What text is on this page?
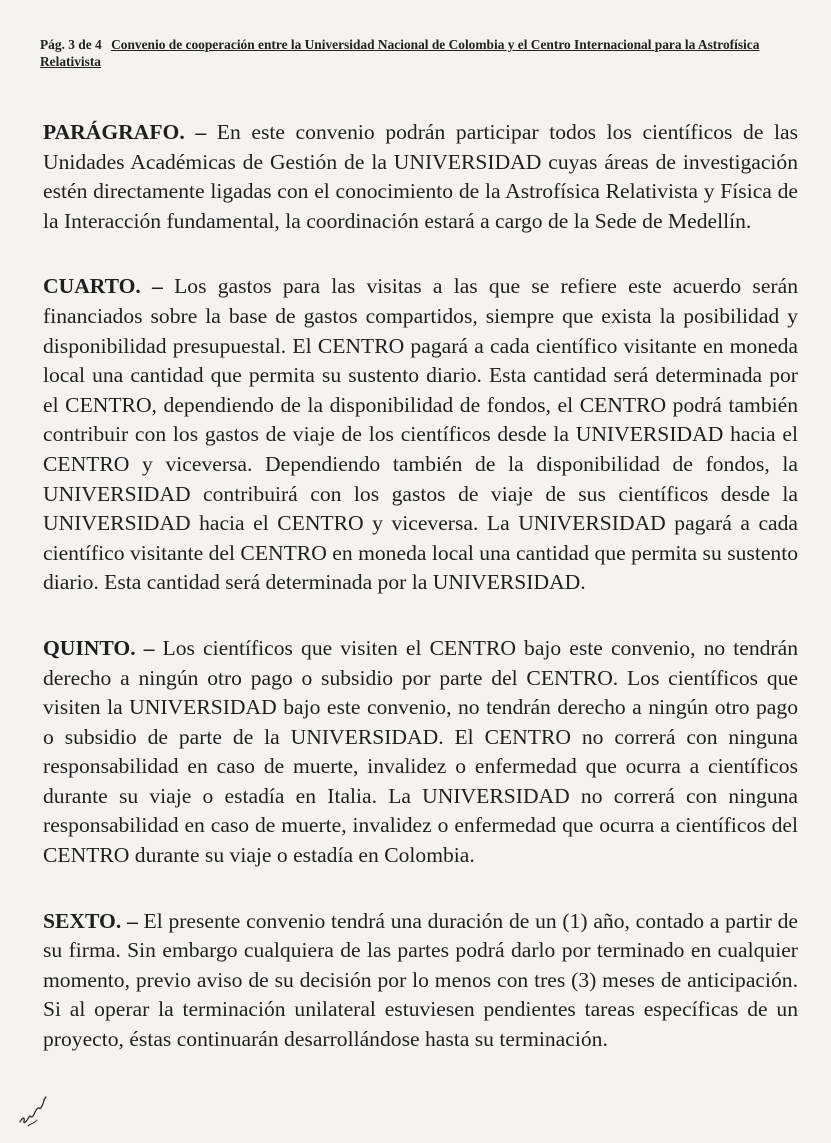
Pág. 3 de 4 Convenio de cooperación entre la Universidad Nacional de Colombia y el Centro Internacional para la Astrofísica Relativista

PARÁGRAFO. – En este convenio podrán participar todos los científicos de las Unidades Académicas de Gestión de la UNIVERSIDAD cuyas áreas de investigación estén directamente ligadas con el conocimiento de la Astrofísica Relativista y Física de la Interacción fundamental, la coordinación estará a cargo de la Sede de Medellín.

CUARTO. – Los gastos para las visitas a las que se refiere este acuerdo serán financiados sobre la base de gastos compartidos, siempre que exista la posibilidad y disponibilidad presupuestal. El CENTRO pagará a cada científico visitante en moneda local una cantidad que permita su sustento diario. Esta cantidad será determinada por el CENTRO, dependiendo de la disponibilidad de fondos, el CENTRO podrá también contribuir con los gastos de viaje de los científicos desde la UNIVERSIDAD hacia el CENTRO y viceversa. Dependiendo también de la disponibilidad de fondos, la UNIVERSIDAD contribuirá con los gastos de viaje de sus científicos desde la UNIVERSIDAD hacia el CENTRO y viceversa. La UNIVERSIDAD pagará a cada científico visitante del CENTRO en moneda local una cantidad que permita su sustento diario. Esta cantidad será determinada por la UNIVERSIDAD.

QUINTO. – Los científicos que visiten el CENTRO bajo este convenio, no tendrán derecho a ningún otro pago o subsidio por parte del CENTRO. Los científicos que visiten la UNIVERSIDAD bajo este convenio, no tendrán derecho a ningún otro pago o subsidio de parte de la UNIVERSIDAD. El CENTRO no correrá con ninguna responsabilidad en caso de muerte, invalidez o enfermedad que ocurra a científicos durante su viaje o estadía en Italia. La UNIVERSIDAD no correrá con ninguna responsabilidad en caso de muerte, invalidez o enfermedad que ocurra a científicos del CENTRO durante su viaje o estadía en Colombia.

SEXTO. – El presente convenio tendrá una duración de un (1) año, contado a partir de su firma. Sin embargo cualquiera de las partes podrá darlo por terminado en cualquier momento, previo aviso de su decisión por lo menos con tres (3) meses de anticipación. Si al operar la terminación unilateral estuviesen pendientes tareas específicas de un proyecto, éstas continuarán desarrollándose hasta su terminación.
